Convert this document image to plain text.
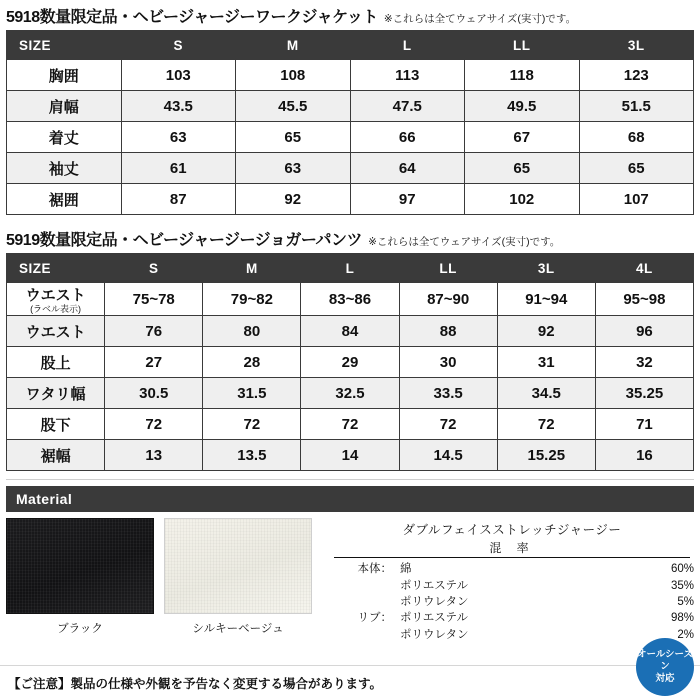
5918数量限定品・ヘビージャージーワークジャケット ※これらは全てウェアサイズ(実寸)です。
SIZE	S	M	L	LL	3L
胸囲	103	108	113	118	123
肩幅	43.5	45.5	47.5	49.5	51.5
着丈	63	65	66	67	68
袖丈	61	63	64	65	65
裾囲	87	92	97	102	107
5919数量限定品・ヘビージャージージョガーパンツ ※これらは全てウェアサイズ(実寸)です。
SIZE	S	M	L	LL	3L	4L
ウエスト
(ラベル表示)	75~78	79~82	83~86	87~90	91~94	95~98
ウエスト	76	80	84	88	92	96
股上	27	28	29	30	31	32
ワタリ幅	30.5	31.5	32.5	33.5	34.5	35.25
股下	72	72	72	72	72	71
裾幅	13	13.5	14	14.5	15.25	16
Material
ブラック	シルキーベージュ
ダブルフェイスストレッチジャージー
混 率
本体： 綿	60%
ポリエステル	35%
ポリウレタン	5%
リブ： ポリエステル	98%
ポリウレタン	2%
【ご注意】製品の仕様や外観を予告なく変更する場合があります。
オールシーズン
対応
